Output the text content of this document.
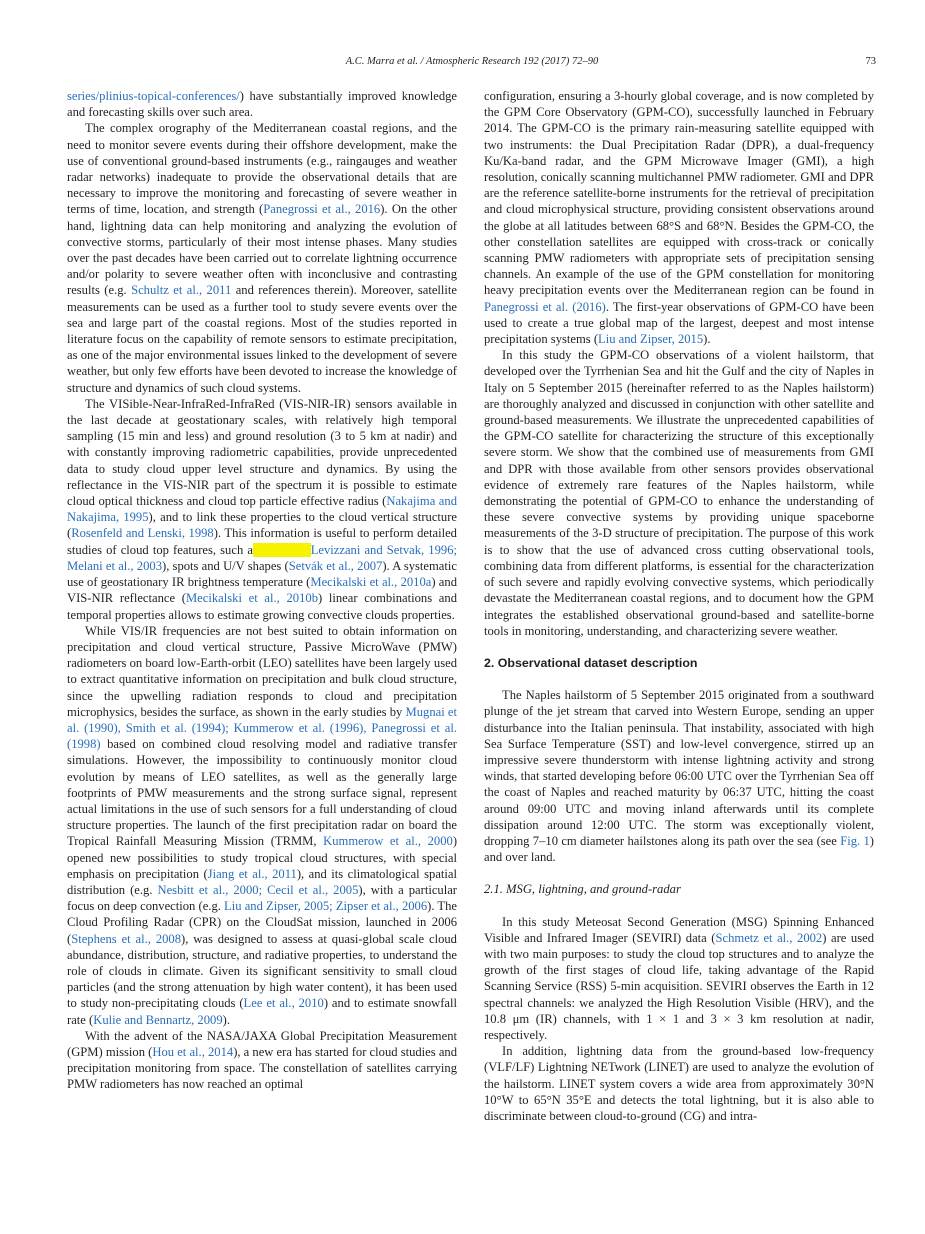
A.C. Marra et al. / Atmospheric Research 192 (2017) 72–90	73

series/plinius-topical-conferences/) have substantially improved knowledge and forecasting skills over such area.

The complex orography of the Mediterranean coastal regions, and the need to monitor severe events during their offshore development, make the use of conventional ground-based instruments (e.g., raingauges and weather radar networks) inadequate to provide the observational details that are necessary to improve the monitoring and forecasting of severe weather in terms of time, location, and strength (Panegrossi et al., 2016). On the other hand, lightning data can help monitoring and analyzing the evolution of convective storms, particularly of their most intense phases. Many studies over the past decades have been carried out to correlate lightning occurrence and/or polarity to severe weather often with inconclusive and contrasting results (e.g. Schultz et al., 2011 and references therein). Moreover, satellite measurements can be used as a further tool to study severe events over the sea and large part of the coastal regions. Most of the studies reported in literature focus on the capability of remote sensors to estimate precipitation, as one of the major environmental issues linked to the development of severe weather, but only few efforts have been devoted to increase the knowledge of structure and dynamics of such cloud systems.

The VISible-Near-InfraRed-InfraRed (VIS-NIR-IR) sensors available in the last decade at geostationary scales, with relatively high temporal sampling (15 min and less) and ground resolution (3 to 5 km at nadir) and with constantly improving radiometric capabilities, provide unprecedented data to study cloud upper level structure and dynamics. By using the reflectance in the VIS-NIR part of the spectrum it is possible to estimate cloud optical thickness and cloud top particle effective radius (Nakajima and Nakajima, 1995), and to link these properties to the cloud vertical structure (Rosenfeld and Lenski, 1998). This information is useful to perform detailed studies of cloud top features, such a	Levizzani and Setvak, 1996; Melani et al., 2003), spots and U/V shapes (Setvák et al., 2007). A systematic use of geostationary IR brightness temperature (Mecikalski et al., 2010a) and VIS-NIR reflectance (Mecikalski et al., 2010b) linear combinations and temporal properties allows to estimate growing convective clouds properties.

While VIS/IR frequencies are not best suited to obtain information on precipitation and cloud vertical structure, Passive MicroWave (PMW) radiometers on board low-Earth-orbit (LEO) satellites have been largely used to extract quantitative information on precipitation and bulk cloud structure, since the upwelling radiation responds to cloud and precipitation microphysics, besides the surface, as shown in the early studies by Mugnai et al. (1990), Smith et al. (1994); Kummerow et al. (1996), Panegrossi et al. (1998) based on combined cloud resolving model and radiative transfer simulations. However, the impossibility to continuously monitor cloud evolution by means of LEO satellites, as well as the generally large footprints of PMW measurements and the strong surface signal, represent actual limitations in the use of such sensors for a full understanding of cloud structure properties. The launch of the first precipitation radar on board the Tropical Rainfall Measuring Mission (TRMM, Kummerow et al., 2000) opened new possibilities to study tropical cloud structures, with special emphasis on precipitation (Jiang et al., 2011), and its climatological spatial distribution (e.g. Nesbitt et al., 2000; Cecil et al., 2005), with a particular focus on deep convection (e.g. Liu and Zipser, 2005; Zipser et al., 2006). The Cloud Profiling Radar (CPR) on the CloudSat mission, launched in 2006 (Stephens et al., 2008), was designed to assess at quasi-global scale cloud abundance, distribution, structure, and radiative properties, to understand the role of clouds in climate. Given its significant sensitivity to small cloud particles (and the strong attenuation by high water content), it has been used to study non-precipitating clouds (Lee et al., 2010) and to estimate snowfall rate (Kulie and Bennartz, 2009).

With the advent of the NASA/JAXA Global Precipitation Measurement (GPM) mission (Hou et al., 2014), a new era has started for cloud studies and precipitation monitoring from space. The constellation of satellites carrying PMW radiometers has now reached an optimal

configuration, ensuring a 3-hourly global coverage, and is now completed by the GPM Core Observatory (GPM-CO), successfully launched in February 2014. The GPM-CO is the primary rain-measuring satellite equipped with two instruments: the Dual Precipitation Radar (DPR), a dual-frequency Ku/Ka-band radar, and the GPM Microwave Imager (GMI), a high resolution, conically scanning multichannel PMW radiometer. GMI and DPR are the reference satellite-borne instruments for the retrieval of precipitation and cloud microphysical structure, providing consistent observations around the globe at all latitudes between 68°S and 68°N. Besides the GPM-CO, the other constellation satellites are equipped with cross-track or conically scanning PMW radiometers with appropriate sets of precipitation sensing channels. An example of the use of the GPM constellation for monitoring heavy precipitation events over the Mediterranean region can be found in Panegrossi et al. (2016). The first-year observations of GPM-CO have been used to create a true global map of the largest, deepest and most intense precipitation systems (Liu and Zipser, 2015).

In this study the GPM-CO observations of a violent hailstorm, that developed over the Tyrrhenian Sea and hit the Gulf and the city of Naples in Italy on 5 September 2015 (hereinafter referred to as the Naples hailstorm) are thoroughly analyzed and discussed in conjunction with other satellite and ground-based measurements. We illustrate the unprecedented capabilities of the GPM-CO satellite for characterizing the structure of this exceptionally severe storm. We show that the combined use of measurements from GMI and DPR with those available from other sensors provides observational evidence of extremely rare features of the Naples hailstorm, while demonstrating the potential of GPM-CO to enhance the understanding of these severe convective systems by providing unique spaceborne measurements of the 3-D structure of precipitation. The purpose of this work is to show that the use of advanced cross cutting observational tools, combining data from different platforms, is essential for the characterization of such severe and rapidly evolving convective systems, which periodically devastate the Mediterranean coastal regions, and to document how the GPM integrates the established observational ground-based and satellite-borne tools in monitoring, understanding, and characterizing severe weather.

2. Observational dataset description

The Naples hailstorm of 5 September 2015 originated from a southward plunge of the jet stream that carved into Western Europe, sending an upper disturbance into the Italian peninsula. That instability, associated with high Sea Surface Temperature (SST) and low-level convergence, stirred up an impressive severe thunderstorm with intense lightning activity and strong winds, that started developing before 06:00 UTC over the Tyrrhenian Sea off the coast of Naples and reached maturity by 06:37 UTC, hitting the coast around 09:00 UTC and moving inland afterwards until its complete dissipation around 12:00 UTC. The storm was exceptionally violent, dropping 7–10 cm diameter hailstones along its path over the sea (see Fig. 1) and over land.

2.1. MSG, lightning, and ground-radar

In this study Meteosat Second Generation (MSG) Spinning Enhanced Visible and Infrared Imager (SEVIRI) data (Schmetz et al., 2002) are used with two main purposes: to study the cloud top structures and to analyze the growth of the first stages of cloud life, taking advantage of the Rapid Scanning Service (RSS) 5-min acquisition. SEVIRI observes the Earth in 12 spectral channels: we analyzed the High Resolution Visible (HRV), and the 10.8 μm (IR) channels, with 1 × 1 and 3 × 3 km resolution at nadir, respectively.

In addition, lightning data from the ground-based low-frequency (VLF/LF) Lightning NETwork (LINET) are used to analyze the evolution of the hailstorm. LINET system covers a wide area from approximately 30°N 10°W to 65°N 35°E and detects the total lightning, but it is also able to discriminate between cloud-to-ground (CG) and intra-
